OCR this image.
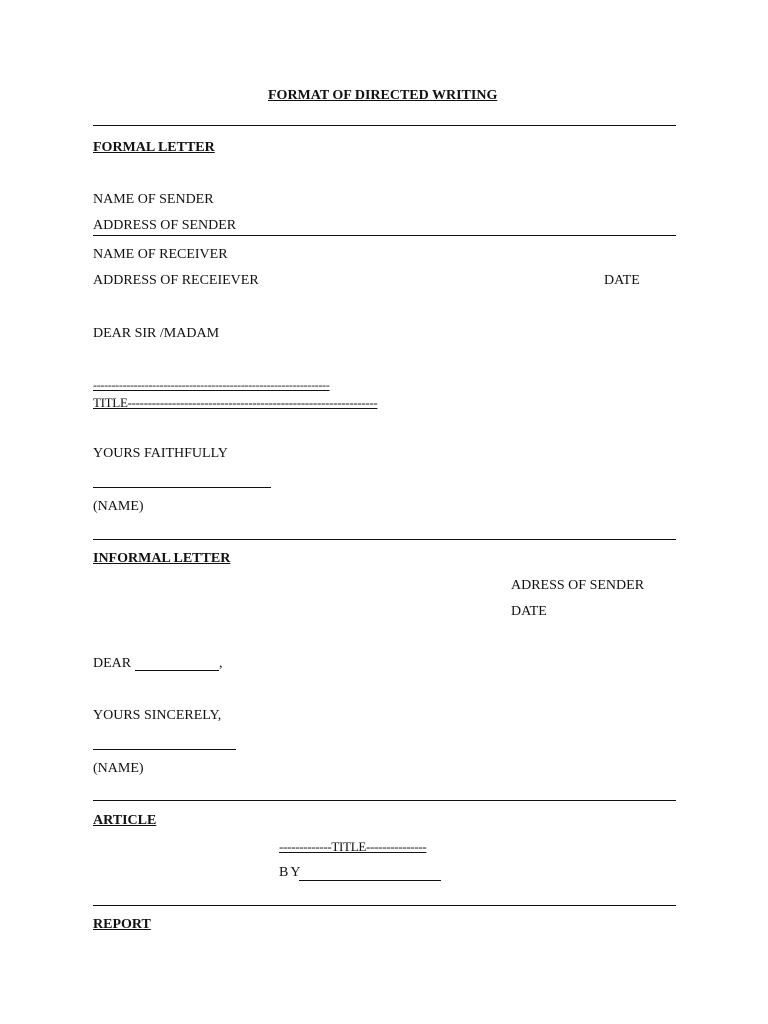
FORMAT OF DIRECTED WRITING
FORMAL LETTER
NAME OF SENDER
ADDRESS OF SENDER
NAME OF RECEIVER
ADDRESS OF RECEIEVER	DATE
DEAR SIR /MADAM
----------------------------------------------------------------
TITLE--------------------------------------------------------------
YOURS FAITHFULLY
(NAME)
INFORMAL LETTER
ADRESS OF SENDER
DATE
DEAR	,
YOURS SINCERELY,
(NAME)
ARTICLE
-------------TITLE---------------
BY
REPORT
